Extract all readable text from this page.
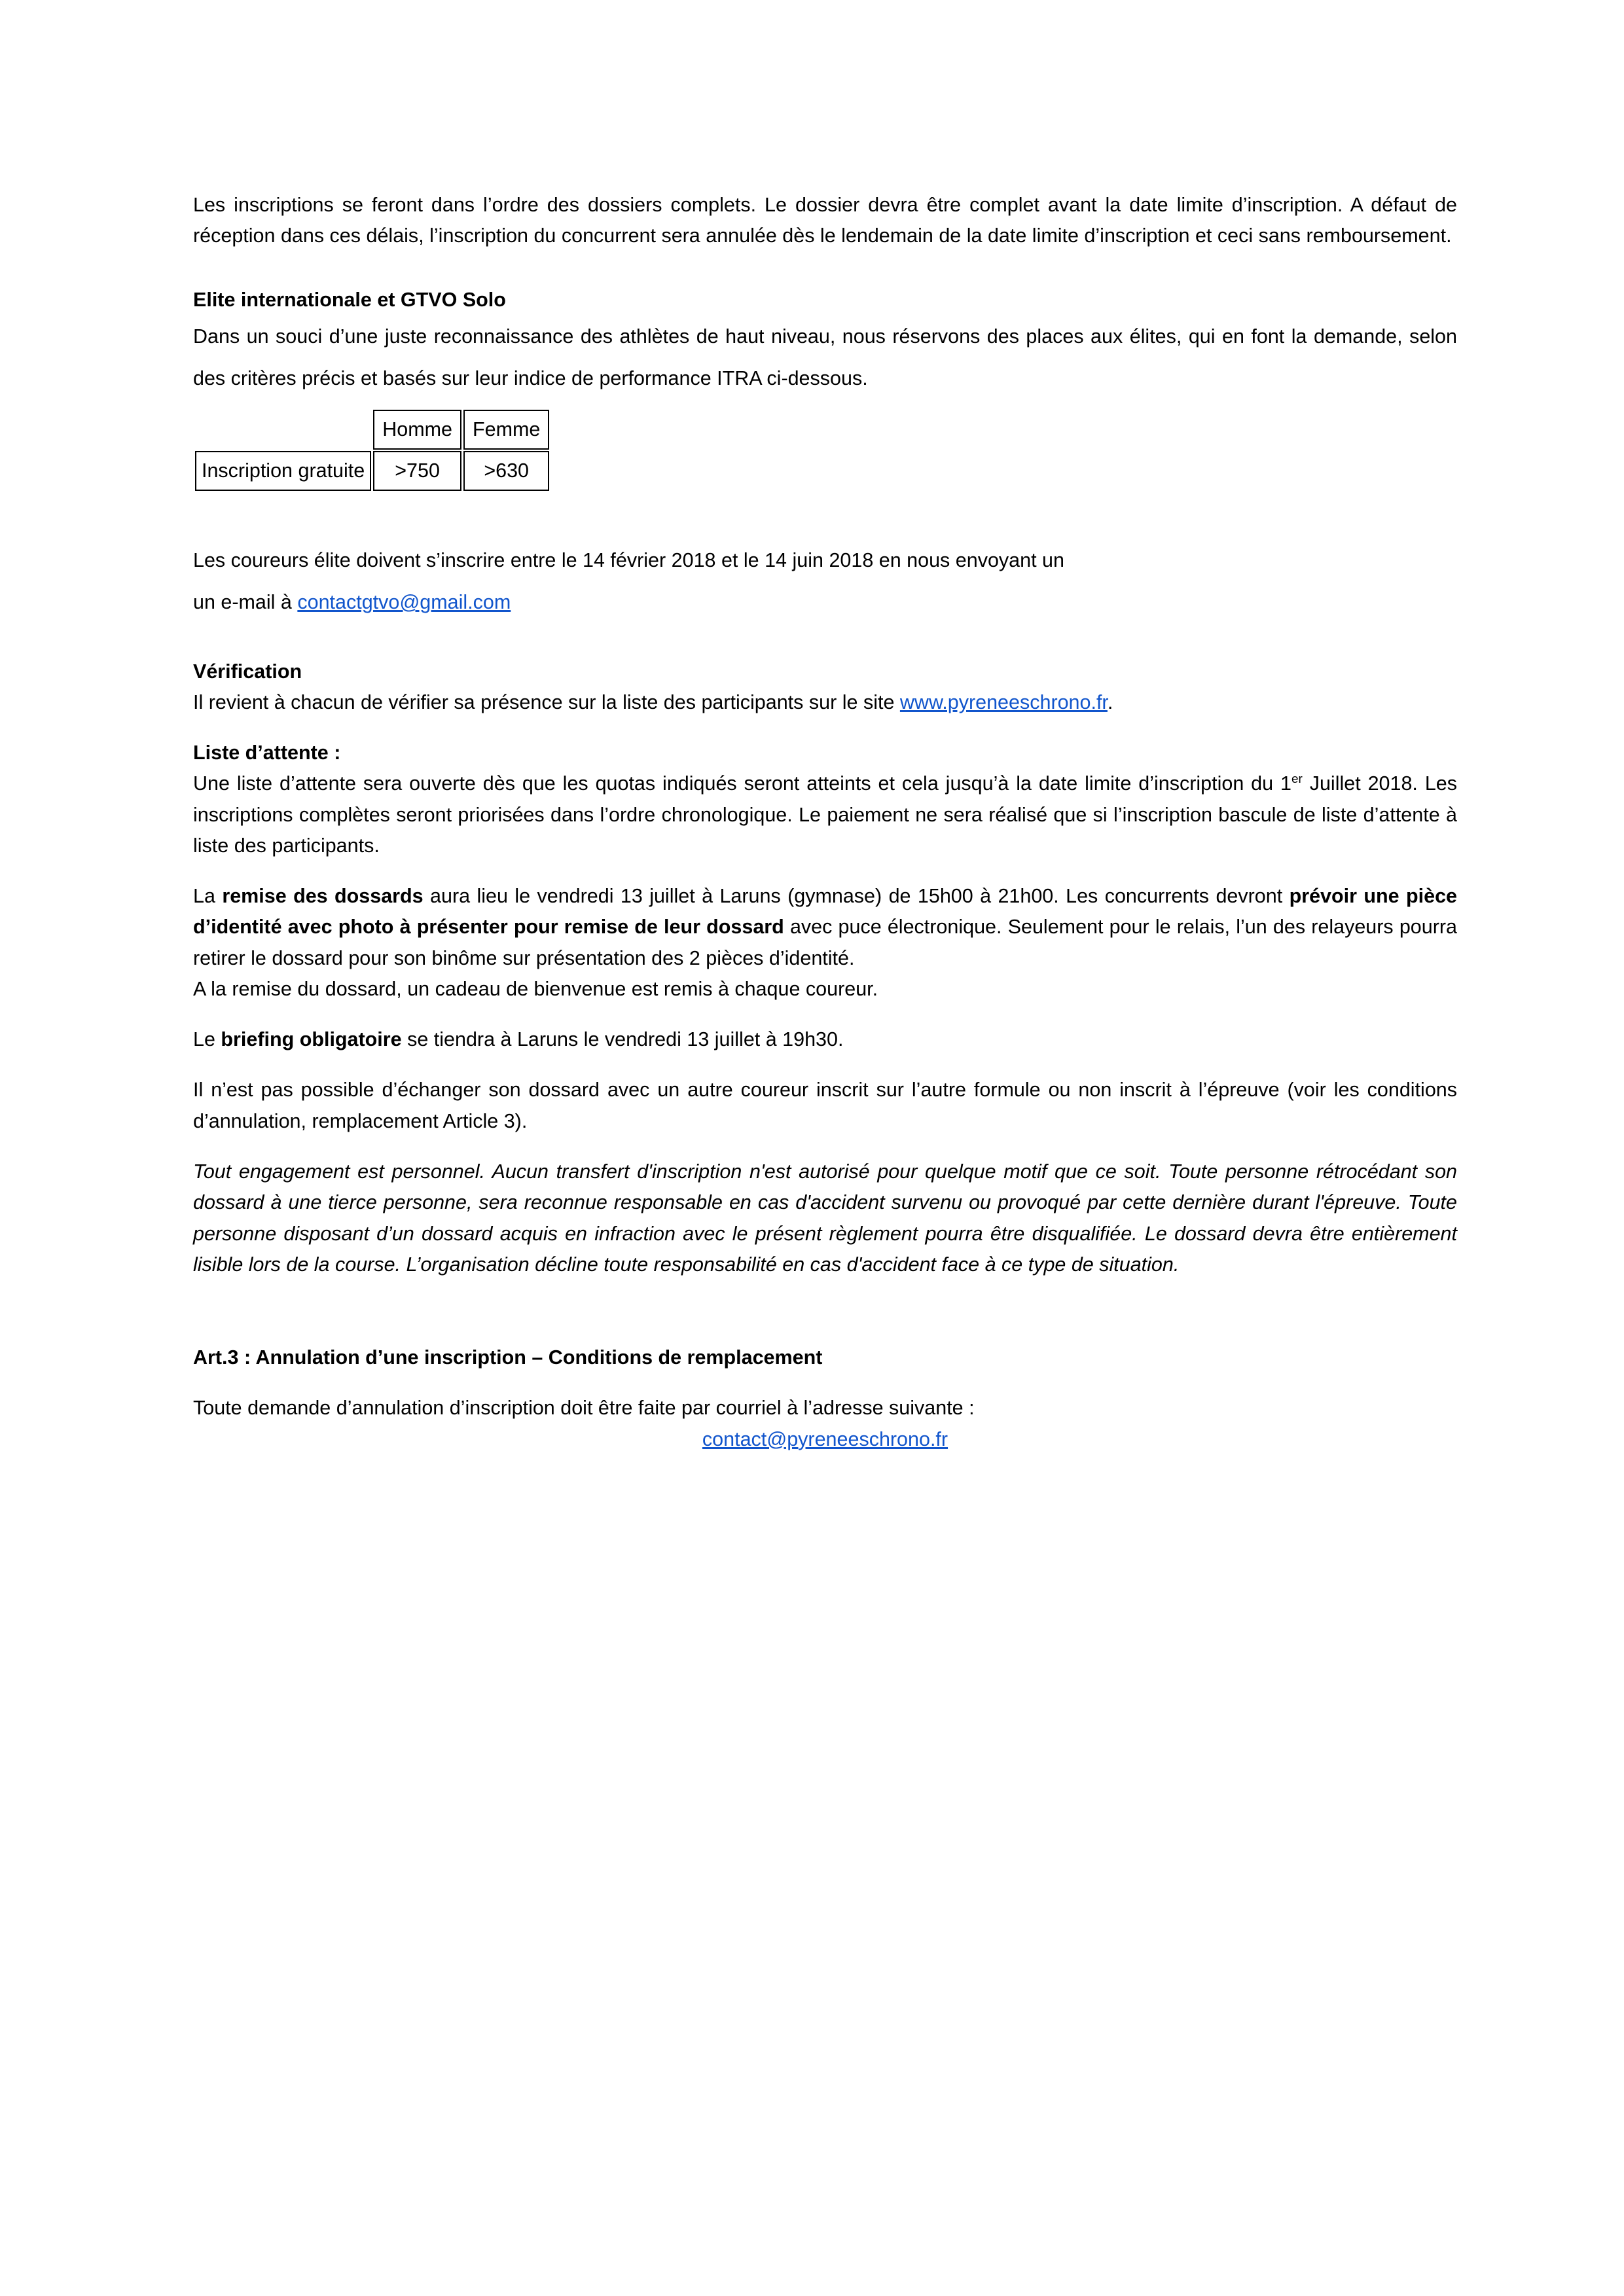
Les inscriptions se feront dans l’ordre des dossiers complets. Le dossier devra être complet avant la date limite d’inscription. A défaut de réception dans ces délais, l’inscription du concurrent sera annulée dès le lendemain de la date limite d’inscription et ceci sans remboursement.

Elite internationale et GTVO Solo

Dans un souci d’une juste reconnaissance des athlètes de haut niveau, nous réservons des places aux élites, qui en font la demande, selon des critères précis et basés sur leur indice de performance ITRA ci-dessous.

	Homme	Femme
Inscription gratuite	>750	>630

Les coureurs élite doivent s’inscrire entre le 14 février 2018 et le 14 juin 2018 en nous envoyant un

un e-mail à contactgtvo@gmail.com

Vérification

Il revient à chacun de vérifier sa présence sur la liste des participants sur le site www.pyreneeschrono.fr.

Liste d’attente :

Une liste d’attente sera ouverte dès que les quotas indiqués seront atteints et cela jusqu’à la date limite d’inscription du 1er Juillet 2018. Les inscriptions complètes seront priorisées dans l’ordre chronologique. Le paiement ne sera réalisé que si l’inscription bascule de liste d’attente à liste des participants.

La remise des dossards aura lieu le vendredi 13 juillet à Laruns (gymnase) de 15h00 à 21h00. Les concurrents devront prévoir une pièce d’identité avec photo à présenter pour remise de leur dossard avec puce électronique. Seulement pour le relais, l’un des relayeurs pourra retirer le dossard pour son binôme sur présentation des 2 pièces d’identité.

A la remise du dossard, un cadeau de bienvenue est remis à chaque coureur.

Le briefing obligatoire se tiendra à Laruns le vendredi 13 juillet à 19h30.

Il n’est pas possible d’échanger son dossard avec un autre coureur inscrit sur l’autre formule ou non inscrit à l’épreuve (voir les conditions d’annulation, remplacement Article 3).

Tout engagement est personnel. Aucun transfert d'inscription n'est autorisé pour quelque motif que ce soit. Toute personne rétrocédant son dossard à une tierce personne, sera reconnue responsable en cas d'accident survenu ou provoqué par cette dernière durant l'épreuve. Toute personne disposant d’un dossard acquis en infraction avec le présent règlement pourra être disqualifiée. Le dossard devra être entièrement lisible lors de la course. L’organisation décline toute responsabilité en cas d'accident face à ce type de situation.

Art.3 : Annulation d’une inscription – Conditions de remplacement

Toute demande d’annulation d’inscription doit être faite par courriel à l’adresse suivante :

contact@pyreneeschrono.fr
